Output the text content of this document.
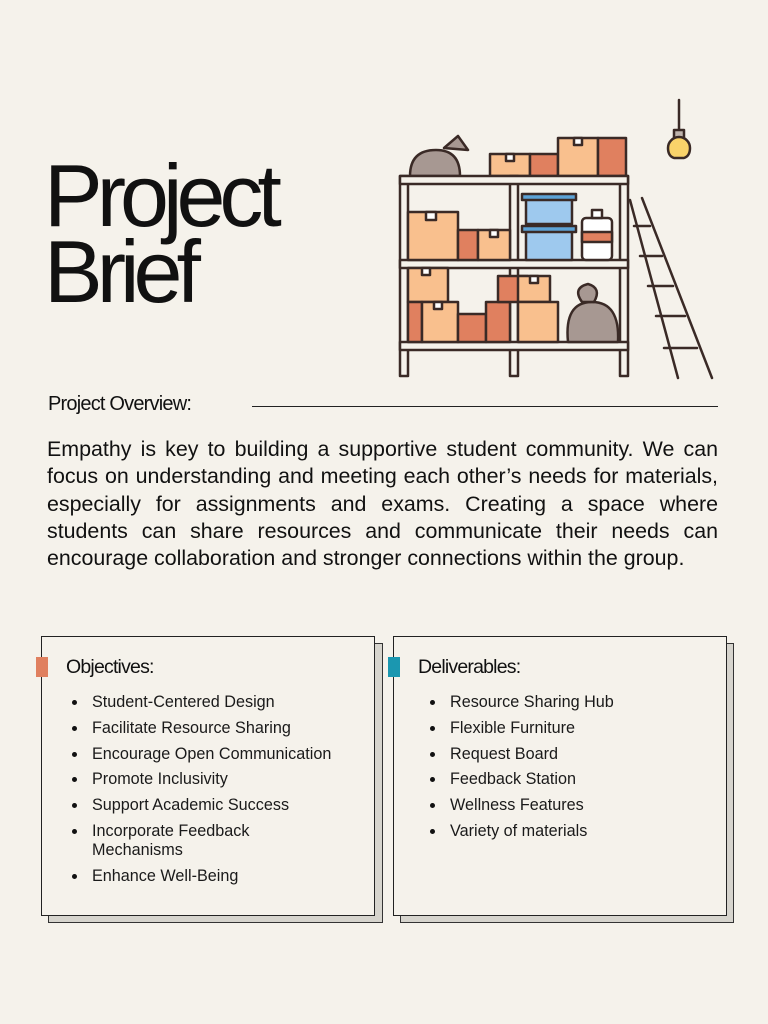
Project
Brief
Project Overview:

Empathy is key to building a supportive student community. We can focus on understanding and meeting each other’s needs for materials, especially for assignments and exams. Creating a space where students can share resources and communicate their needs can encourage collaboration and stronger connections within the group.

Objectives:
Student-Centered Design
Facilitate Resource Sharing
Encourage Open Communication
Promote Inclusivity
Support Academic Success
Incorporate Feedback Mechanisms
Enhance Well-Being
Deliverables:
Resource Sharing Hub
Flexible Furniture
Request Board
Feedback Station
Wellness Features
Variety of materials
